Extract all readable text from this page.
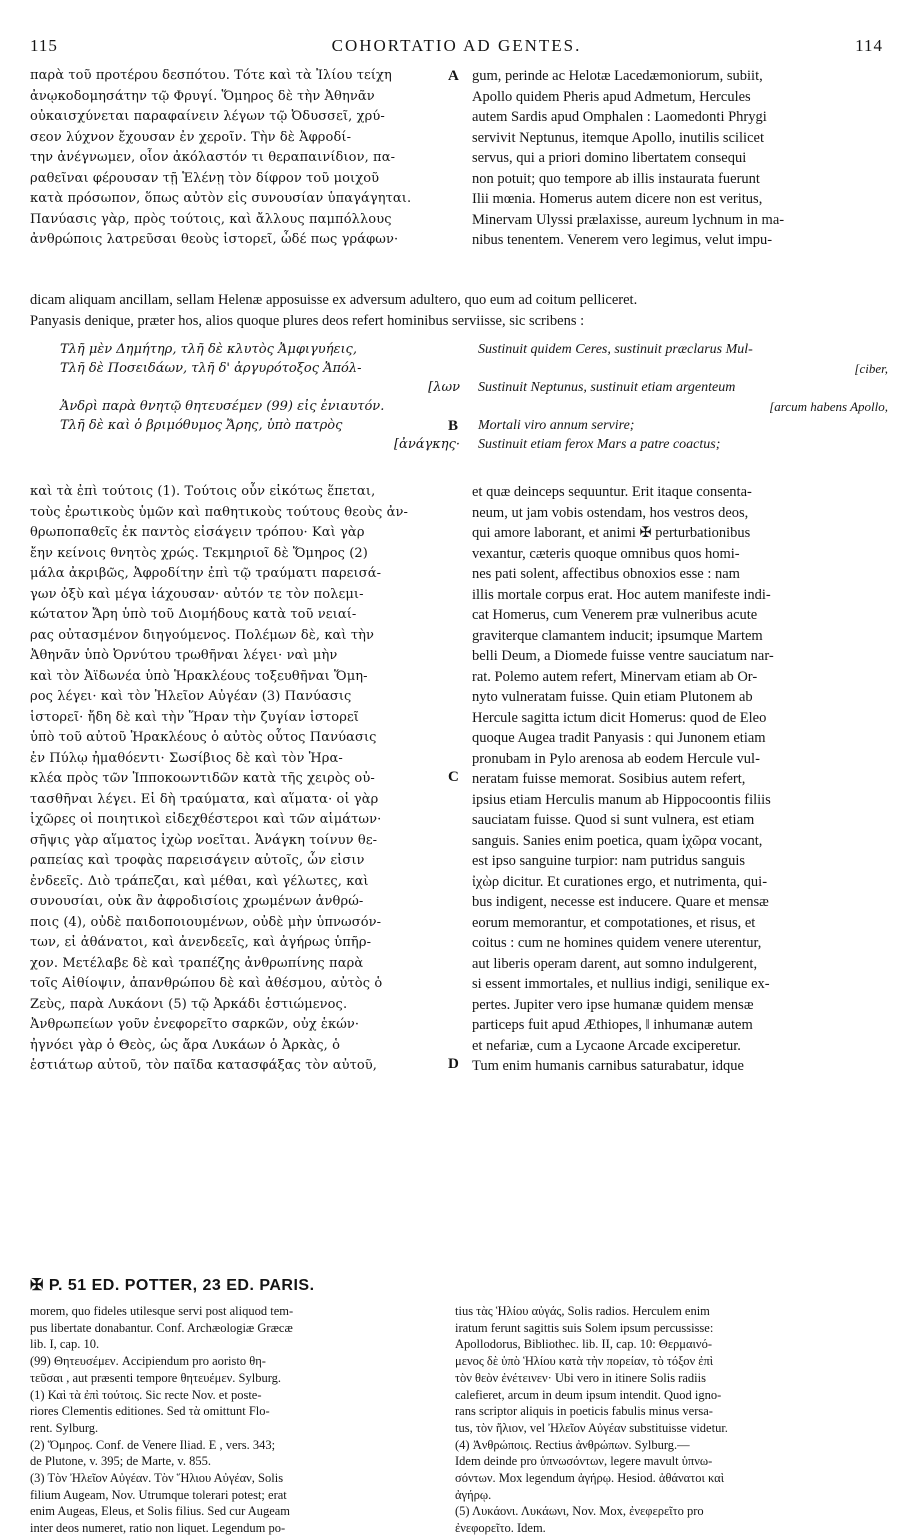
115	COHORTATIO AD GENTES.	114
παρὰ τοῦ προτέρου δεσπότου. Τότε καὶ τὰ Ἰλίου τείχη
ἀνῳκοδομησάτην τῷ Φρυγί. Ὅμηρος δὲ τὴν Ἀθηνᾶν
οὐκαισχύνεται παραφαίνειν λέγων τῷ Ὀδυσσεῖ, χρύ-
σεον λύχνον ἔχουσαν ἐν χεροῖν. Τὴν δὲ Ἀφροδί-
την ἀνέγνωμεν, οἷον ἀκόλαστόν τι θεραπαινίδιον, πα-
ραθεῖναι φέρουσαν τῇ Ἑλένῃ τὸν δίφρον τοῦ μοιχοῦ
κατὰ πρόσωπον, ὅπως αὐτὸν εἰς συνουσίαν ὑπαγάγηται.
Πανύασις γὰρ, πρὸς τούτοις, καὶ ἄλλους παμπόλλους
ἀνθρώποις λατρεῦσαι θεοὺς ἱστορεῖ, ὧδέ πως γράφων·
A gum, perinde ac Helotæ Lacedæmoniorum, subiit,
Apollo quidem Pheris apud Admetum, Hercules
autem Sardis apud Omphalen : Laomedonti Phrygi
servivit Neptunus, itemque Apollo, inutilis scilicet
servus, qui a priori domino libertatem consequi
non potuit; quo tempore ab illis instaurata fuerunt
Ilii mœnia. Homerus autem dicere non est veritus,
Minervam Ulyssi prælaxisse, aureum lychnum in ma-
nibus tenentem. Venerem vero legimus, velut impu-
dicam aliquam ancillam, sellam Helenæ apposuisse ex adversum adultero, quo eum ad coitum pelliceret.
Panyasis denique, præter hos, alios quoque plures deos refert hominibus serviisse, sic scribens :
Τλῆ μὲν Δημήτηρ, τλῆ δὲ κλυτὸς Ἀμφιγυήεις,
Τλῆ δὲ Ποσειδάων, τλῆ δ' ἀργυρότοξος Ἀπόλ-
[λων
Ἀνδρὶ παρὰ θνητῷ θητευσέμεν (99) εἰς ἐνιαυτόν.
Τλῆ δὲ καὶ ὁ βριμόθυμος Ἄρης, ὑπὸ πατρὸς
[ἀνάγκης·
B
Sustinuit quidem Ceres, sustinuit præclarus Mul-
[ciber,
Sustinuit Neptunus, sustinuit etiam argenteum
[arcum habens Apollo,
Mortali viro annum servire;
Sustinuit etiam ferox Mars a patre coactus;
καὶ τὰ ἐπὶ τούτοις (1). Τούτοις οὖν εἰκότως ἕπεται,
τοὺς ἐρωτικοὺς ὑμῶν καὶ παθητικοὺς τούτους θεοὺς ἀν-
θρωποπαθεῖς ἐκ παντὸς εἰσάγειν τρόπου· Καὶ γὰρ
ἔην κείνοις θνητὸς χρώς. Τεκμηριοῖ δὲ Ὅμηρος (2)
μάλα ἀκριβῶς, Ἀφροδίτην ἐπὶ τῷ τραύματι παρεισά-
γων ὀξὺ καὶ μέγα ἰάχουσαν· αὐτόν τε τὸν πολεμι-
κώτατον Ἄρη ὑπὸ τοῦ Διομήδους κατὰ τοῦ νειαί-
ρας οὐτασμένον διηγούμενος. Πολέμων δὲ, καὶ τὴν
Ἀθηνᾶν ὑπὸ Ὀρνύτου τρωθῆναι λέγει· ναὶ μὴν
καὶ τὸν Ἀϊδωνέα ὑπὸ Ἡρακλέους τοξευθῆναι Ὅμη-
ρος λέγει· καὶ τὸν Ἠλεῖον Αὐγέαν (3) Πανύασις
ἱστορεῖ· ἤδη δὲ καὶ τὴν Ἥραν τὴν ζυγίαν ἱστορεῖ
ὑπὸ τοῦ αὐτοῦ Ἡρακλέους ὁ αὐτὸς οὗτος Πανύασις
ἐν Πύλῳ ἠμαθόεντι· Σωσίβιος δὲ καὶ τὸν Ἡρα-
κλέα πρὸς τῶν Ἱπποκοωντιδῶν κατὰ τῆς χειρὸς οὐ-
τασθῆναι λέγει. Εἰ δὴ τραύματα, καὶ αἵματα· οἱ γὰρ
ἰχῶρες οἱ ποιητικοὶ εἰδεχθέστεροι καὶ τῶν αἱμάτων·
σῆψις γὰρ αἵματος ἰχὼρ νοεῖται. Ἀνάγκη τοίνυν θε-
ραπείας καὶ τροφὰς παρεισάγειν αὐτοῖς, ὧν εἰσιν
ἐνδεεῖς. Διὸ τράπεζαι, καὶ μέθαι, καὶ γέλωτες, καὶ
συνουσίαι, οὐκ ἂν ἀφροδισίοις χρωμένων ἀνθρώ-
ποις (4), οὐδὲ παιδοποιουμένων, οὐδὲ μὴν ὑπνωσόν-
των, εἰ ἀθάνατοι, καὶ ἀνενδεεῖς, καὶ ἀγήρως ὑπῆρ-
χον. Μετέλαβε δὲ καὶ τραπέζης ἀνθρωπίνης παρὰ
τοῖς Αἰθίοψιν, ἀπανθρώπου δὲ καὶ ἀθέσμου, αὐτὸς ὁ
Ζεὺς, παρὰ Λυκάονι (5) τῷ Ἀρκάδι ἑστιώμενος.
Ἀνθρωπείων γοῦν ἐνεφορεῖτο σαρκῶν, οὐχ ἑκών·
ἠγνόει γὰρ ὁ Θεὸς, ὡς ἄρα Λυκάων ὁ Ἀρκὰς, ὁ
ἑστιάτωρ αὐτοῦ, τὸν παῖδα κατασφάξας τὸν αὐτοῦ,
C
D
et quæ deinceps sequuntur. Erit itaque consenta-
neum, ut jam vobis ostendam, hos vestros deos,
qui amore laborant, et animi ✠ perturbationibus
vexantur, cæteris quoque omnibus quos homi-
nes pati solent, affectibus obnoxios esse : nam
illis mortale corpus erat. Hoc autem manifeste indi-
cat Homerus, cum Venerem præ vulneribus acute
graviterque clamantem inducit; ipsumque Martem
belli Deum, a Diomede fuisse ventre sauciatum nar-
rat. Polemo autem refert, Minervam etiam ab Or-
nyto vulneratam fuisse. Quin etiam Plutonem ab
Hercule sagitta ictum dicit Homerus: quod de Eleo
quoque Augea tradit Panyasis : qui Junonem etiam
pronubam in Pylo arenosa ab eodem Hercule vul-
neratam fuisse memorat. Sosibius autem refert,
ipsius etiam Herculis manum ab Hippocoontis filiis
sauciatam fuisse. Quod si sunt vulnera, est etiam
sanguis. Sanies enim poetica, quam ἰχῶρα vocant,
est ipso sanguine turpior: nam putridus sanguis
ἰχὼρ dicitur. Et curationes ergo, et nutrimenta, qui-
bus indigent, necesse est inducere. Quare et mensæ
eorum memorantur, et compotationes, et risus, et
coitus : cum ne homines quidem venere uterentur,
aut liberis operam darent, aut somno indulgerent,
si essent immortales, et nullius indigi, senilique ex-
pertes. Jupiter vero ipse humanæ quidem mensæ
particeps fuit apud Æthiopes, ‖ inhumanæ autem
et nefariæ, cum a Lycaone Arcade exciperetur.
Tum enim humanis carnibus saturabatur, idque
✠ P. 51 ED. POTTER, 23 ED. PARIS.
morem, quo fideles utilesque servi post aliquod tem-
pus libertate donabantur. Conf. Archæologiæ Græcæ
lib. I, cap. 10.
(99) Θητευσέμεν. Accipiendum pro aoristo θη-
τεῦσαι , aut præsenti tempore θητευέμεν. Sylburg.
(1) Καὶ τὰ ἐπὶ τούτοις. Sic recte Nov. et poste-
riores Clementis editiones. Sed τὰ omittunt Flo-
rent. Sylburg.
(2) Ὅμηρος. Conf. de Venere Iliad. E , vers. 343;
de Plutone, v. 395; de Marte, v. 855.
(3) Τὸν Ἠλεῖον Αὐγέαν. Τὸν Ἥλιου Αὐγέαν, Solis
filium Augeam, Nov. Utrumque tolerari potest; erat
enim Augeas, Eleus, et Solis filius. Sed cur Augeam
inter deos numeret, ratio non liquet. Legendum po-
tius τὰς Ἡλίου αὐγάς, Solis radios. Herculem enim
iratum ferunt sagittis suis Solem ipsum percussisse:
Apollodorus, Bibliothec. lib. II, cap. 10: Θερμαινό-
μενος δὲ ὑπὸ Ἡλίου κατὰ τὴν πορείαν, τὸ τόξον ἐπὶ
τὸν θεὸν ἐνέτεινεν· Ubi vero in itinere Solis radiis
calefieret, arcum in deum ipsum intendit. Quod igno-
rans scriptor aliquis in poeticis fabulis minus versa-
tus, τὸν ἥλιον, vel Ἠλεῖον Αὐγέαν substituisse videtur.
(4) Ἀνθρώποις. Rectius ἀνθρώπων. Sylburg.—
Idem deinde pro ὑπνωσόντων, legere mavult ὑπνω-
σόντων. Mox legendum ἀγήρῳ. Hesiod. ἀθάνατοι καὶ
ἀγήρῳ.
(5) Λυκάονι. Λυκάωνι, Nov. Mox, ἐνεφερεῖτο pro
ἐνεφορεῖτο. Idem.
